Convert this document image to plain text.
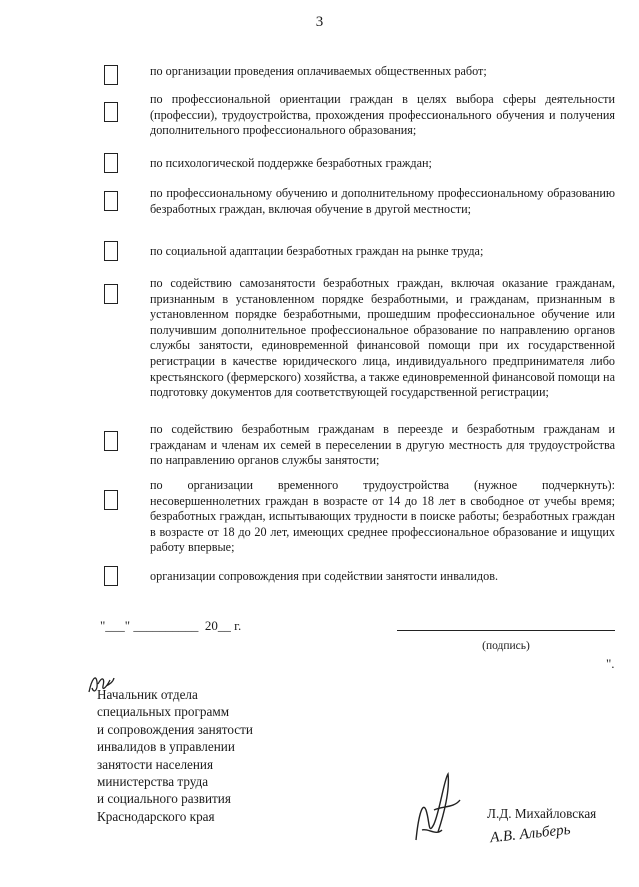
3
по организации проведения оплачиваемых общественных работ;
по профессиональной ориентации граждан в целях выбора сферы деятельности (профессии), трудоустройства, прохождения профессионального обучения и получения дополнительного профессионального образования;
по психологической поддержке безработных граждан;
по профессиональному обучению и дополнительному профессиональному образованию безработных граждан, включая обучение в другой местности;
по социальной адаптации безработных граждан на рынке труда;
по содействию самозанятости безработных граждан, включая оказание гражданам, признанным в установленном порядке безработными, и гражданам, признанным в установленном порядке безработными, прошедшим профессиональное обучение или получившим дополнительное профессиональное образование по направлению органов службы занятости, единовременной финансовой помощи при их государственной регистрации в качестве юридического лица, индивидуального предпринимателя либо крестьянского (фермерского) хозяйства, а также единовременной финансовой помощи на подготовку документов для соответствующей государственной регистрации;
по содействию безработным гражданам в переезде и безработным гражданам и гражданам и членам их семей в переселении в другую местность для трудоустройства по направлению органов службы занятости;
по организации временного трудоустройства (нужное подчеркнуть): несовершеннолетних граждан в возрасте от 14 до 18 лет в свободное от учебы время; безработных граждан, испытывающих трудности в поиске работы; безработных граждан в возрасте от 18 до 20 лет, имеющих среднее профессиональное образование и ищущих работу впервые;
организации сопровождения при содействии занятости инвалидов.
"___" __________  20__ г.
(подпись)
".
Начальник отдела
специальных программ
и сопровождения занятости
инвалидов в управлении
занятости населения
министерства труда
и социального развития
Краснодарского края	Л.Д. Михайловская
А.В. Альберь
